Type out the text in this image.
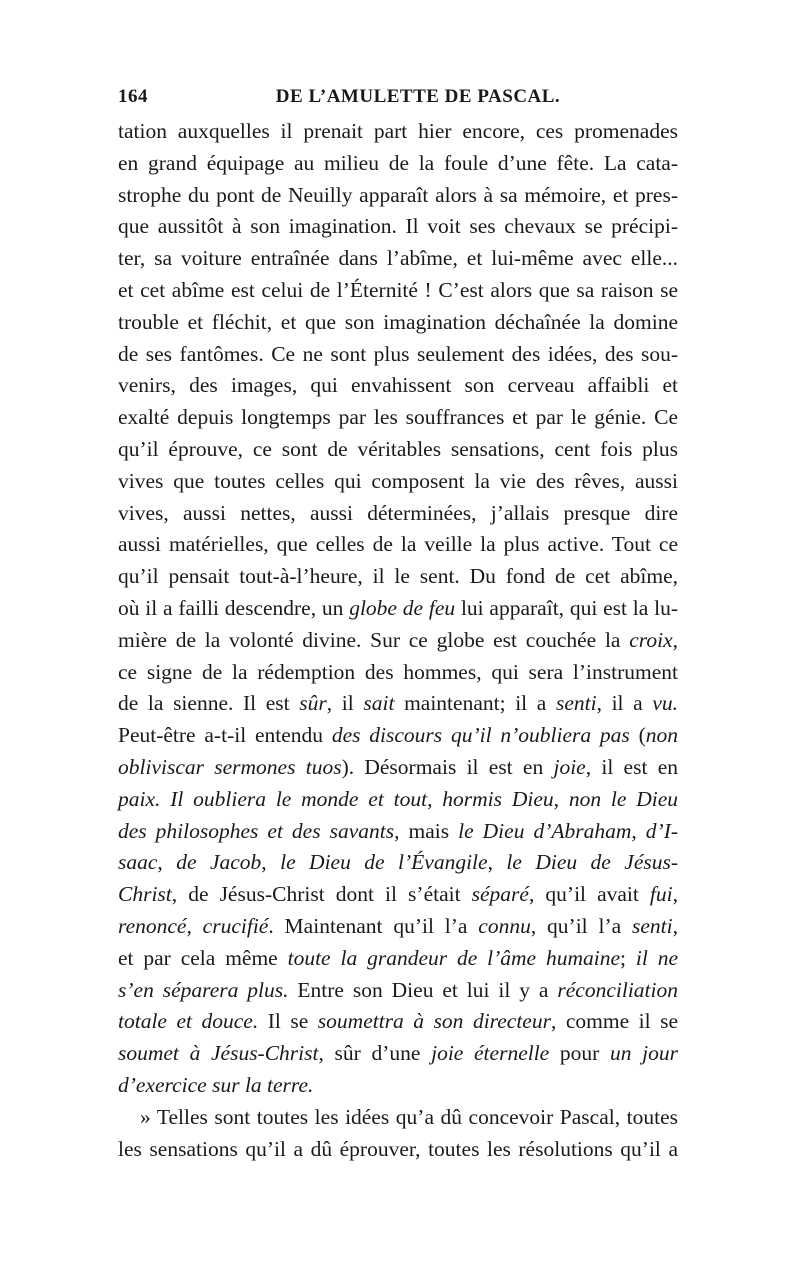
164	DE L’AMULETTE DE PASCAL.
tation auxquelles il prenait part hier encore, ces promenades
en grand équipage au milieu de la foule d’une fête. La cata-
strophe du pont de Neuilly apparaît alors à sa mémoire, et pres-
que aussitôt à son imagination. Il voit ses chevaux se précipi-
ter, sa voiture entraînée dans l’abîme, et lui-même avec elle...
et cet abîme est celui de l’Éternité ! C’est alors que sa raison se
trouble et fléchit, et que son imagination déchaînée la domine
de ses fantômes. Ce ne sont plus seulement des idées, des sou-
venirs, des images, qui envahissent son cerveau affaibli et
exalté depuis longtemps par les souffrances et par le génie. Ce
qu’il éprouve, ce sont de véritables sensations, cent fois plus
vives que toutes celles qui composent la vie des rêves, aussi
vives, aussi nettes, aussi déterminées, j’allais presque dire
aussi matérielles, que celles de la veille la plus active. Tout ce
qu’il pensait tout-à-l’heure, il le sent. Du fond de cet abîme,
où il a failli descendre, un globe de feu lui apparaît, qui est la lu-
mière de la volonté divine. Sur ce globe est couchée la croix,
ce signe de la rédemption des hommes, qui sera l’instrument
de la sienne. Il est sûr, il sait maintenant; il a senti, il a vu.
Peut-être a-t-il entendu des discours qu’il n’oubliera pas (non
obliviscar sermones tuos). Désormais il est en joie, il est en
paix. Il oubliera le monde et tout, hormis Dieu, non le Dieu
des philosophes et des savants, mais le Dieu d’Abraham, d’I-
saac, de Jacob, le Dieu de l’Évangile, le Dieu de Jésus-
Christ, de Jésus-Christ dont il s’était séparé, qu’il avait fui,
renoncé, crucifié. Maintenant qu’il l’a connu, qu’il l’a senti,
et par cela même toute la grandeur de l’âme humaine; il ne
s’en séparera plus. Entre son Dieu et lui il y a réconciliation
totale et douce. Il se soumettra à son directeur, comme il se
soumet à Jésus-Christ, sûr d’une joie éternelle pour un jour
d’exercice sur la terre.
» Telles sont toutes les idées qu’a dû concevoir Pascal, toutes
les sensations qu’il a dû éprouver, toutes les résolutions qu’il a
